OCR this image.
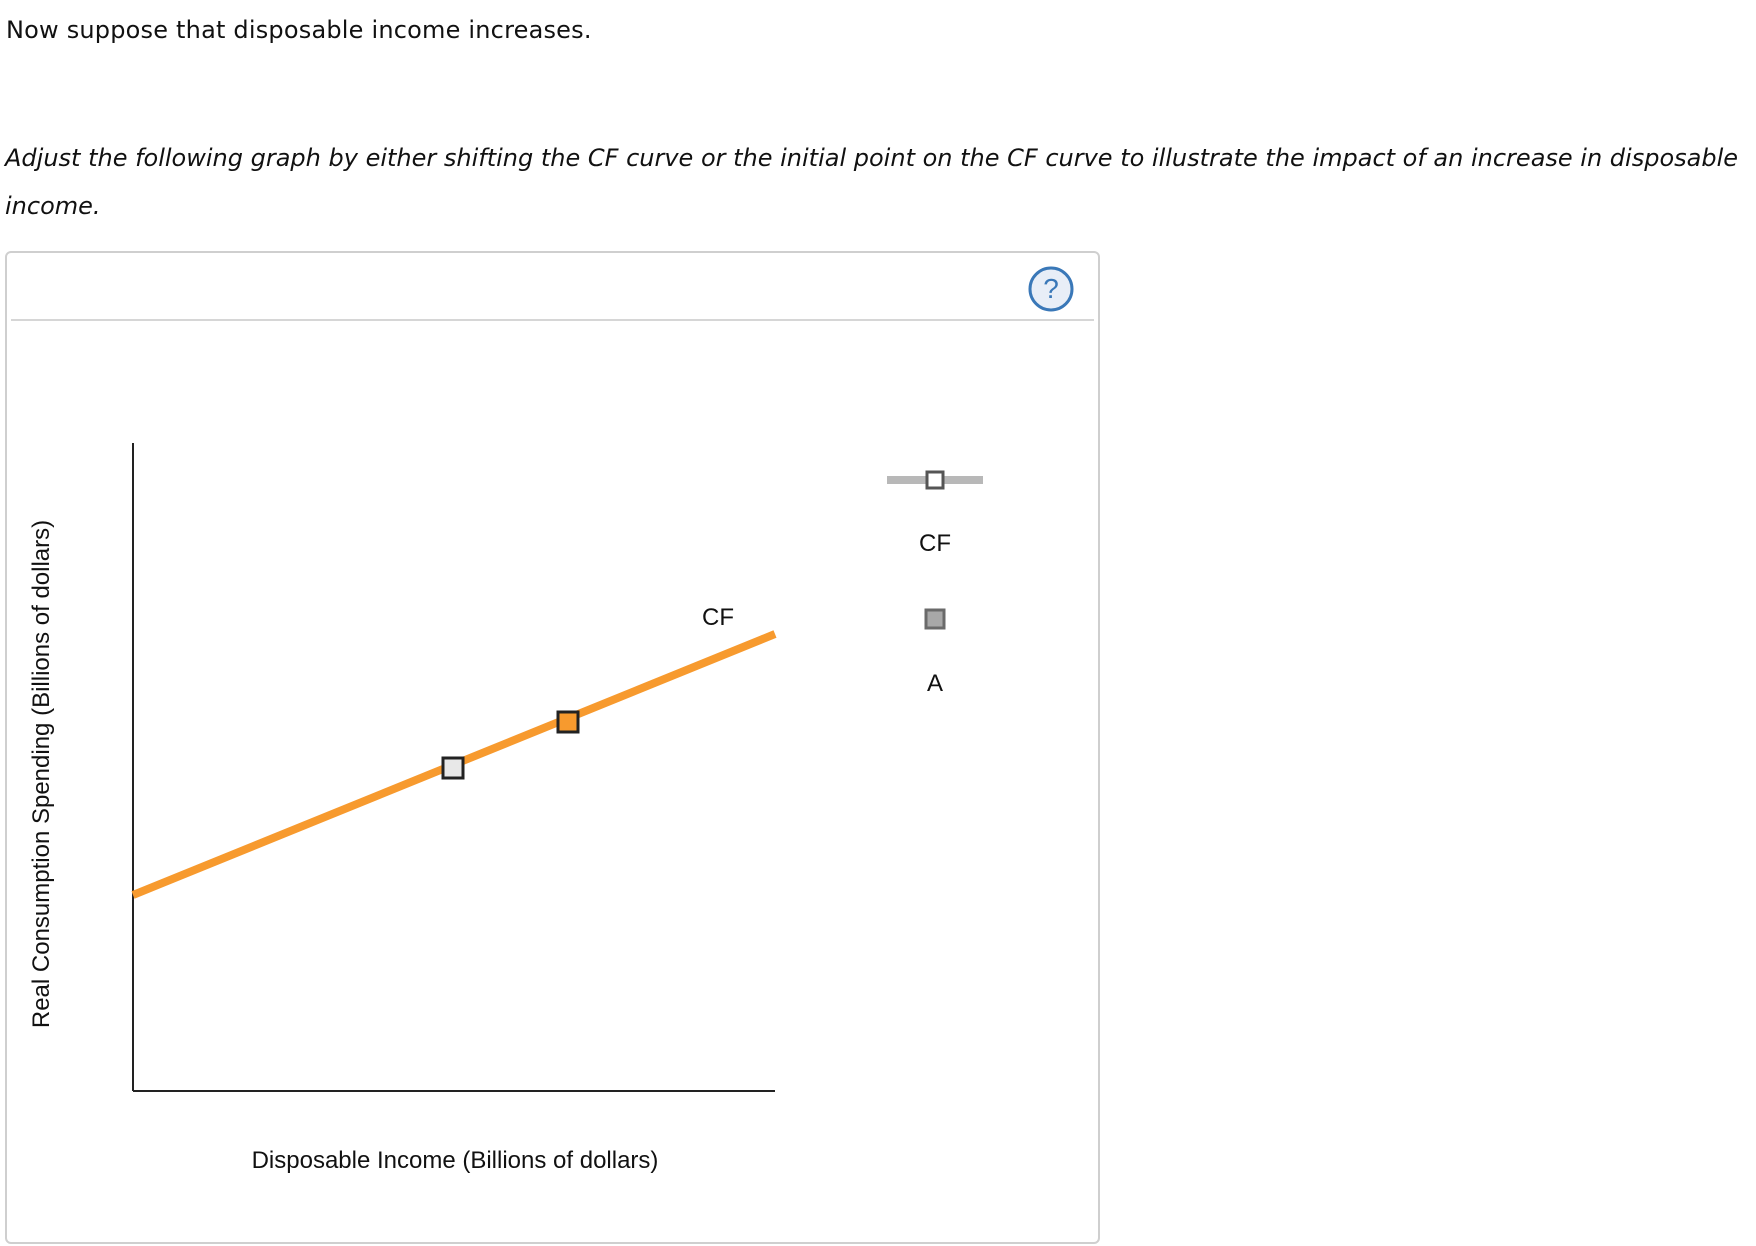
Now suppose that disposable income increases.
Adjust the following graph by either shifting the CF curve or the initial point on the CF curve to illustrate the impact of an increase in disposable income.
?
Disposable Income (Billions of dollars)
Real Consumption Spending (Billions of dollars)	CF
CF
A
